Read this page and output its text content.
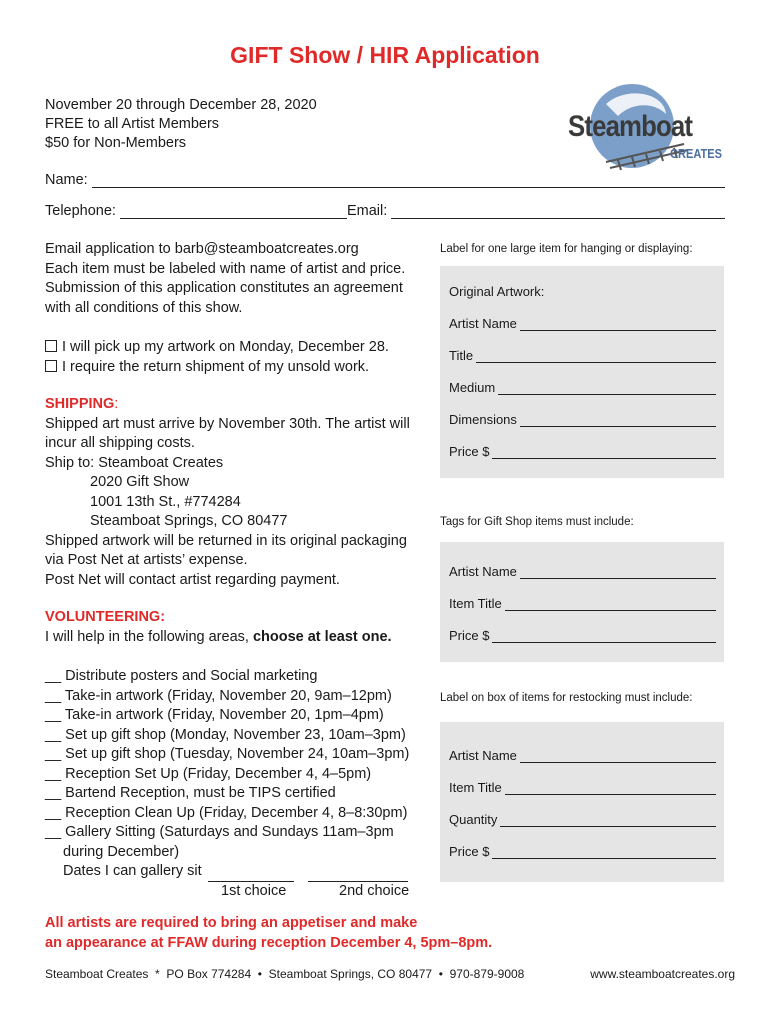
GIFT Show / HIR Application
November 20 through December 28, 2020
FREE to all Artist Members
$50 for Non-Members	Steamboat
CREATES
Name:
Telephone:	Email:
Email application to barb@steamboatcreates.org
Each item must be labeled with name of artist and price.
Submission of this application constitutes an agreement
with all conditions of this show.
I will pick up my artwork on Monday, December 28.
I require the return shipment of my unsold work.
SHIPPING:
Shipped art must arrive by November 30th. The artist will
incur all shipping costs.
Ship to: Steamboat Creates
2020 Gift Show
1001 13th St., #774284
Steamboat Springs, CO 80477
Shipped artwork will be returned in its original packaging
via Post Net at artists’ expense.
Post Net will contact artist regarding payment.
VOLUNTEERING:
I will help in the following areas, choose at least one.
__ Distribute posters and Social marketing
__ Take-in artwork (Friday, November 20, 9am–12pm)
__ Take-in artwork (Friday, November 20, 1pm–4pm)
__ Set up gift shop (Monday, November 23, 10am–3pm)
__ Set up gift shop (Tuesday, November 24, 10am–3pm)
__ Reception Set Up (Friday, December 4, 4–5pm)
__ Bartend Reception, must be TIPS certified
__ Reception Clean Up (Friday, December 4, 8–8:30pm)
__ Gallery Sitting (Saturdays and Sundays 11am–3pm
during December)
Dates I can gallery sit
1st choice	2nd choice
Label for one large item for hanging or displaying:
Original Artwork:
Artist Name
Title
Medium
Dimensions
Price $
Tags for Gift Shop items must include:
Artist Name
Item Title
Price $
Label on box of items for restocking must include:
Artist Name
Item Title
Quantity
Price $
All artists are required to bring an appetiser and make
an appearance at FFAW during reception December 4, 5pm–8pm.
Steamboat Creates  *  PO Box 774284  •  Steamboat Springs, CO 80477  •  970-879-9008	www.steamboatcreates.org
